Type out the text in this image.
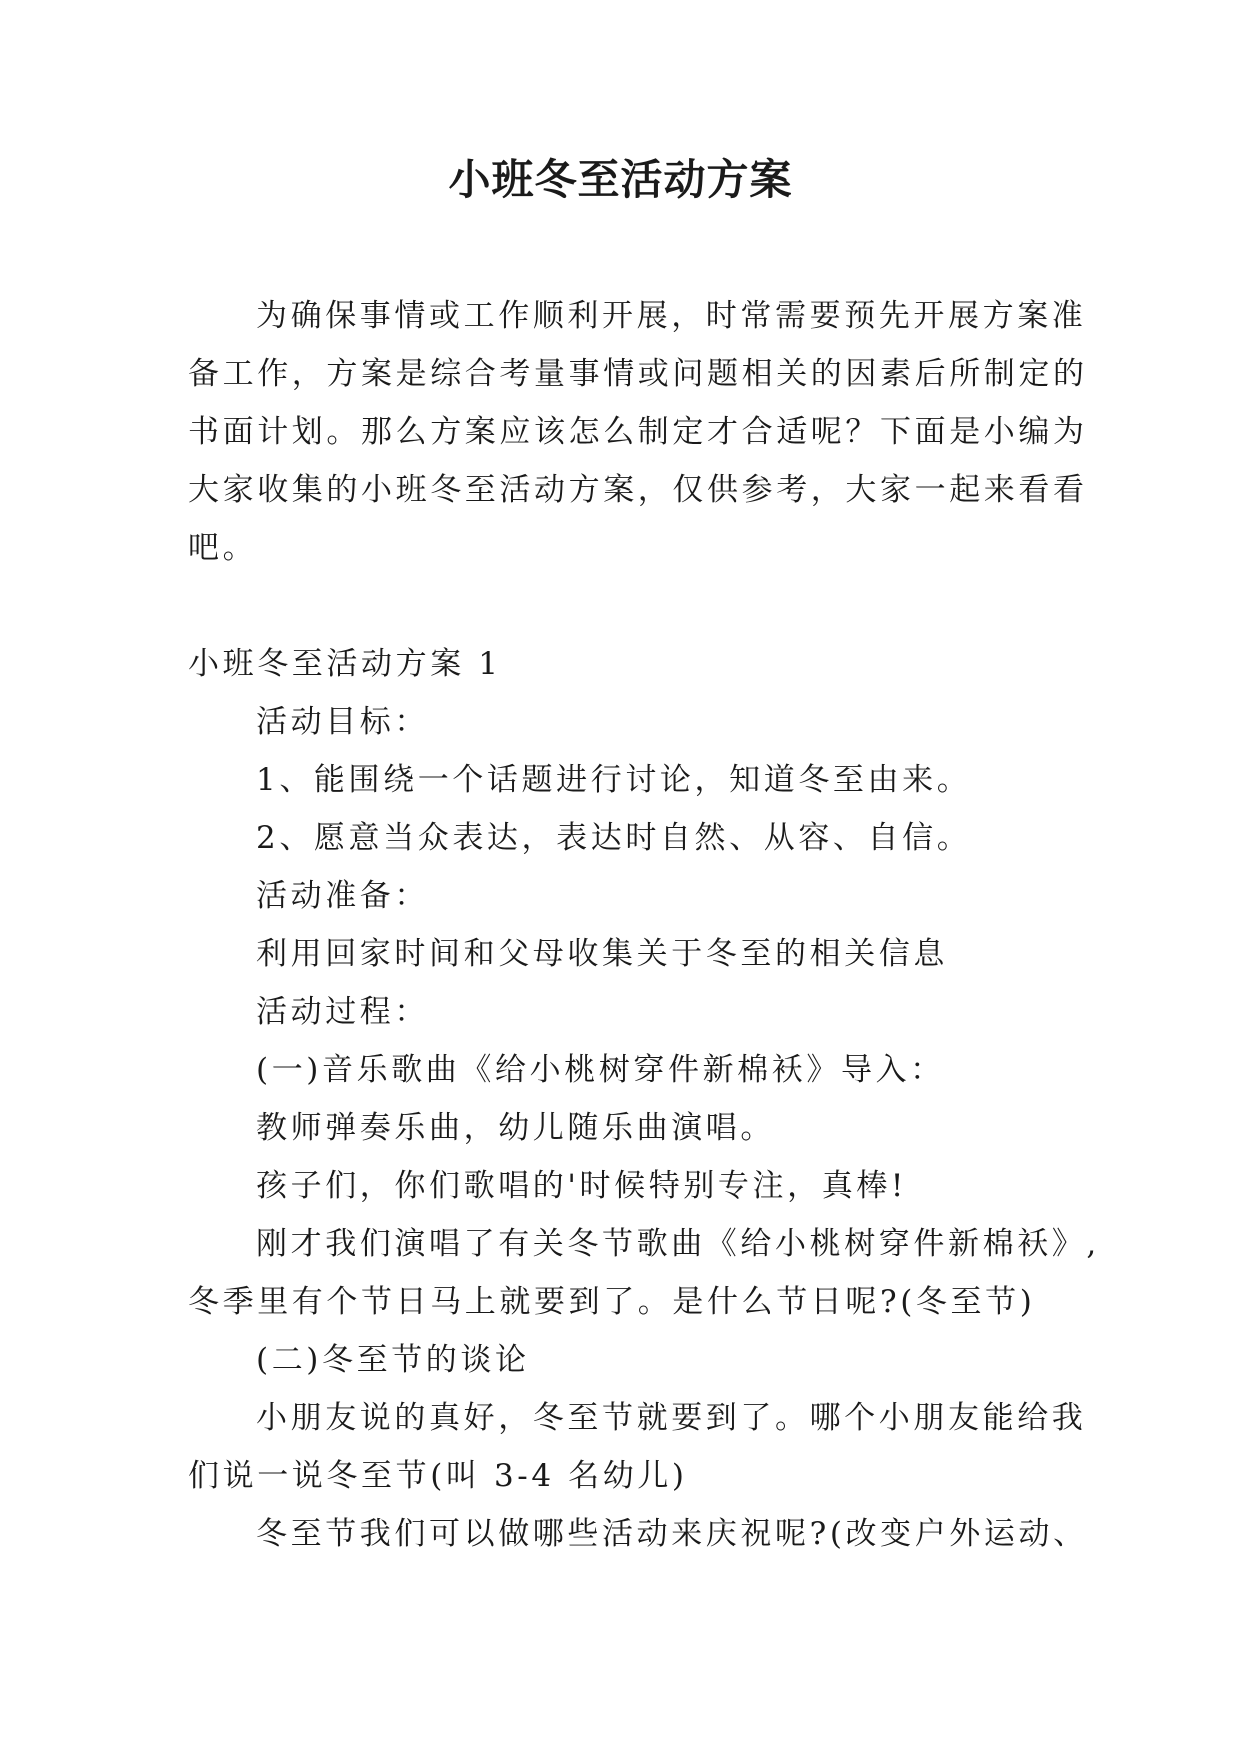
小班冬至活动方案

为确保事情或工作顺利开展，时常需要预先开展方案准

备工作，方案是综合考量事情或问题相关的因素后所制定的

书面计划。那么方案应该怎么制定才合适呢？下面是小编为

大家收集的小班冬至活动方案，仅供参考，大家一起来看看

吧。

小班冬至活动方案 1

活动目标：

1、能围绕一个话题进行讨论，知道冬至由来。

2、愿意当众表达，表达时自然、从容、自信。

活动准备：

利用回家时间和父母收集关于冬至的相关信息

活动过程：

(一)音乐歌曲《给小桃树穿件新棉袄》导入：

教师弹奏乐曲，幼儿随乐曲演唱。

孩子们，你们歌唱的'时候特别专注，真棒!

刚才我们演唱了有关冬节歌曲《给小桃树穿件新棉袄》,

冬季里有个节日马上就要到了。是什么节日呢?(冬至节)

(二)冬至节的谈论

小朋友说的真好，冬至节就要到了。哪个小朋友能给我

们说一说冬至节(叫 3-4 名幼儿)

冬至节我们可以做哪些活动来庆祝呢?(改变户外运动、
